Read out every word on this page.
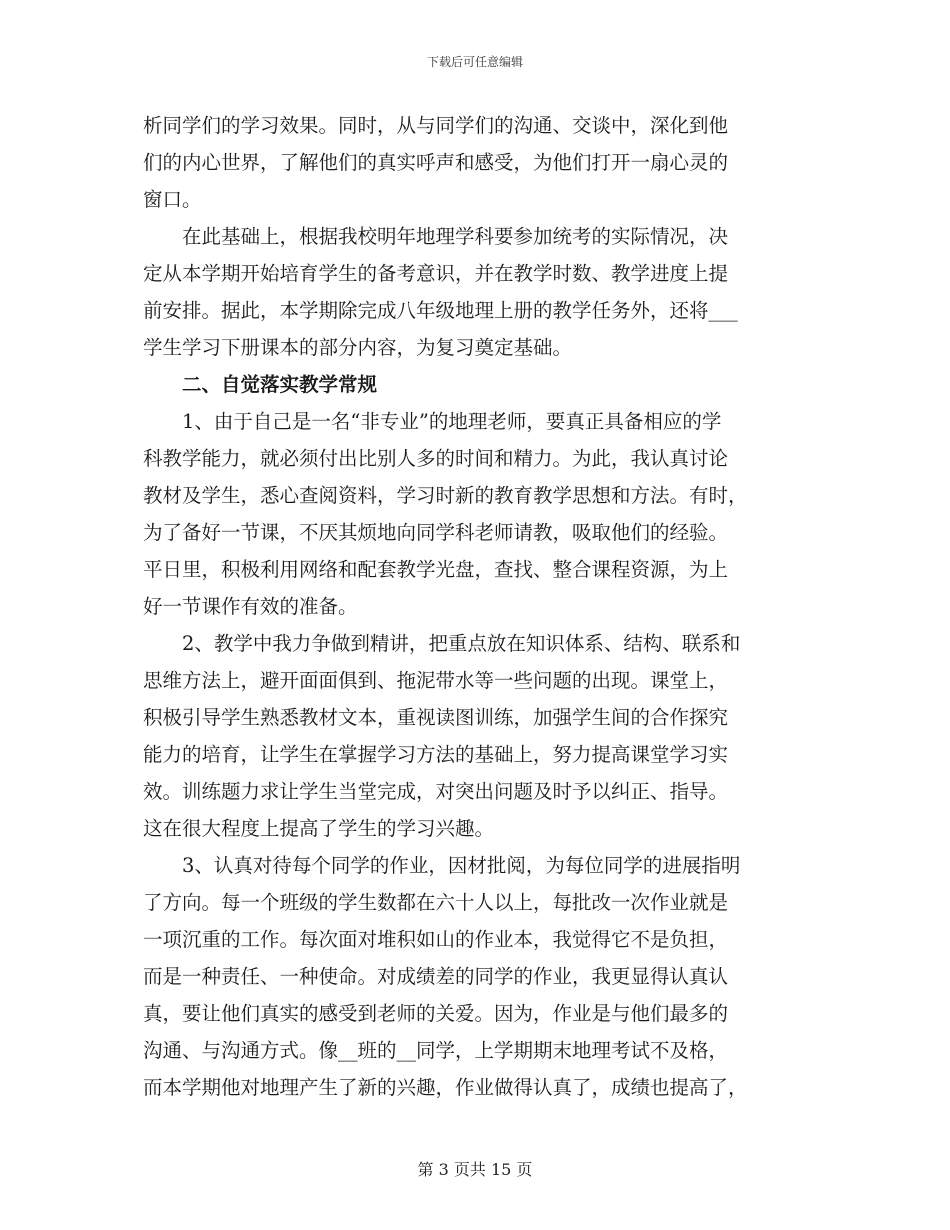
下载后可任意编辑
析同学们的学习效果。同时，从与同学们的沟通、交谈中，深化到他
们的内心世界，了解他们的真实呼声和感受，为他们打开一扇心灵的
窗口。
　　在此基础上，根据我校明年地理学科要参加统考的实际情况，决
定从本学期开始培育学生的备考意识，并在教学时数、教学进度上提
前安排。据此，本学期除完成八年级地理上册的教学任务外，还将___
学生学习下册课本的部分内容，为复习奠定基础。
　　二、自觉落实教学常规
　　1、由于自己是一名“非专业”的地理老师，要真正具备相应的学
科教学能力，就必须付出比别人多的时间和精力。为此，我认真讨论
教材及学生，悉心查阅资料，学习时新的教育教学思想和方法。有时，
为了备好一节课，不厌其烦地向同学科老师请教，吸取他们的经验。
平日里，积极利用网络和配套教学光盘，查找、整合课程资源，为上
好一节课作有效的准备。
　　2、教学中我力争做到精讲，把重点放在知识体系、结构、联系和
思维方法上，避开面面俱到、拖泥带水等一些问题的出现。课堂上，
积极引导学生熟悉教材文本，重视读图训练，加强学生间的合作探究
能力的培育，让学生在掌握学习方法的基础上，努力提高课堂学习实
效。训练题力求让学生当堂完成，对突出问题及时予以纠正、指导。
这在很大程度上提高了学生的学习兴趣。
　　3、认真对待每个同学的作业，因材批阅，为每位同学的进展指明
了方向。每一个班级的学生数都在六十人以上，每批改一次作业就是
一项沉重的工作。每次面对堆积如山的作业本，我觉得它不是负担，
而是一种责任、一种使命。对成绩差的同学的作业，我更显得认真认
真，要让他们真实的感受到老师的关爱。因为，作业是与他们最多的
沟通、与沟通方式。像__班的__同学，上学期期末地理考试不及格，
而本学期他对地理产生了新的兴趣，作业做得认真了，成绩也提高了，
第 3 页共 15 页
